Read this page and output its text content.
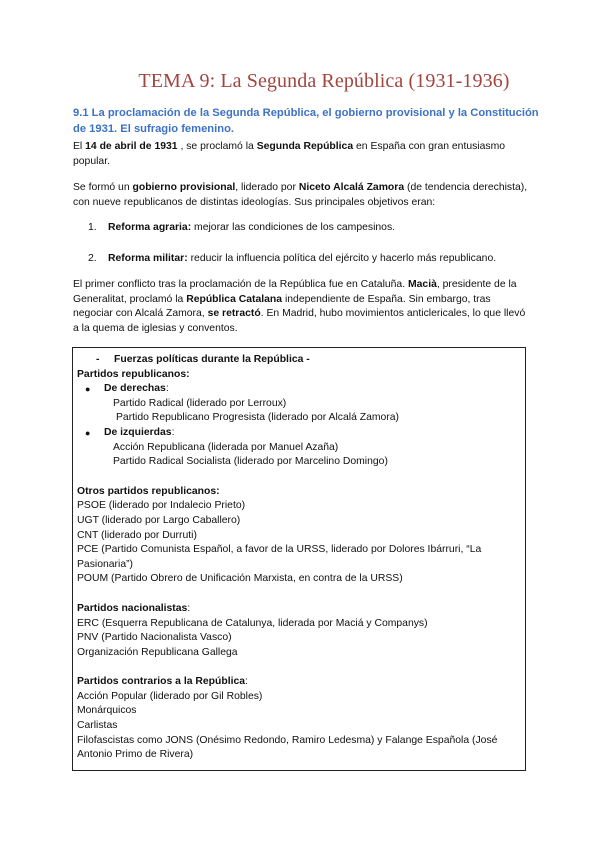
TEMA 9: La Segunda República (1931-1936)

9.1 La proclamación de la Segunda República, el gobierno provisional y la Constitución de 1931. El sufragio femenino.

El 14 de abril de 1931 , se proclamó la Segunda República en España con gran entusiasmo popular.

Se formó un gobierno provisional, liderado por Niceto Alcalá Zamora (de tendencia derechista), con nueve republicanos de distintas ideologías. Sus principales objetivos eran:

1.	Reforma agraria: mejorar las condiciones de los campesinos.
2.	Reforma militar: reducir la influencia política del ejército y hacerlo más republicano.

El primer conflicto tras la proclamación de la República fue en Cataluña. Macià, presidente de la Generalitat, proclamó la República Catalana independiente de España. Sin embargo, tras negociar con Alcalá Zamora, se retractó. En Madrid, hubo movimientos anticlericales, lo que llevó a la quema de iglesias y conventos.

- Fuerzas políticas durante la República -
Partidos republicanos:
●	De derechas:
Partido Radical (liderado por Lerroux)
Partido Republicano Progresista (liderado por Alcalá Zamora)
●	De izquierdas:
Acción Republicana (liderada por Manuel Azaña)
Partido Radical Socialista (liderado por Marcelino Domingo)
Otros partidos republicanos:
PSOE (liderado por Indalecio Prieto)
UGT (liderado por Largo Caballero)
CNT (liderado por Durruti)
PCE (Partido Comunista Español, a favor de la URSS, liderado por Dolores Ibárruri, “La Pasionaria”)
POUM (Partido Obrero de Unificación Marxista, en contra de la URSS)
Partidos nacionalistas:
ERC (Esquerra Republicana de Catalunya, liderada por Maciá y Companys)
PNV (Partido Nacionalista Vasco)
Organización Republicana Gallega
Partidos contrarios a la República:
Acción Popular (liderado por Gil Robles)
Monárquicos
Carlistas
Filofascistas como JONS (Onésimo Redondo, Ramiro Ledesma) y Falange Española (José Antonio Primo de Rivera)
